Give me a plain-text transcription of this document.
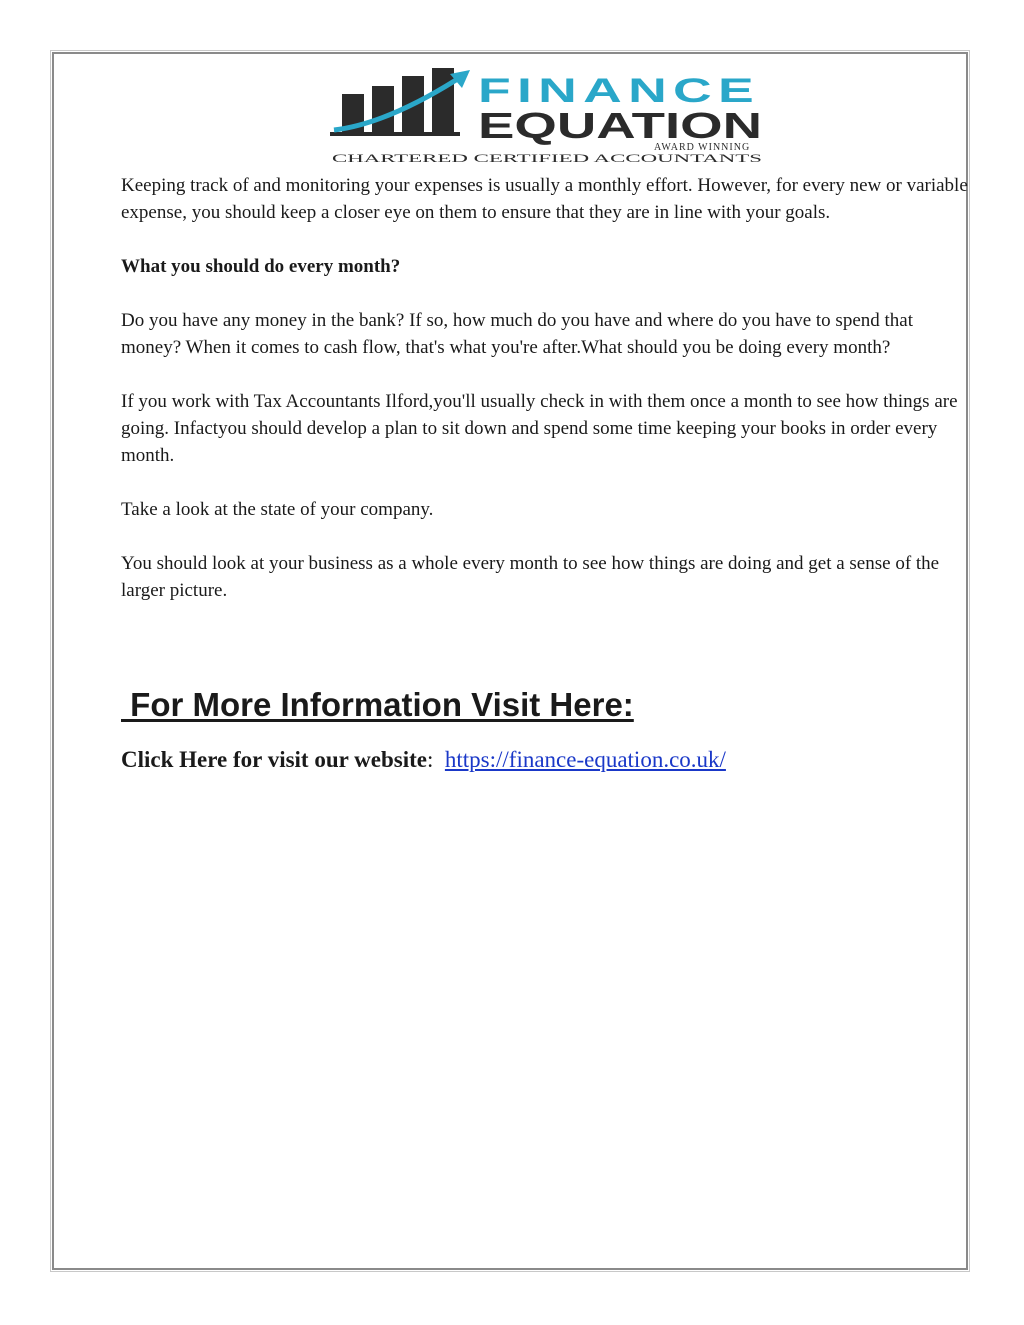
FINANCE
EQUATION
AWARD WINNING
CHARTERED CERTIFIED ACCOUNTANTS

Keeping track of and monitoring your expenses is usually a monthly effort. However, for every new or variable expense, you should keep a closer eye on them to ensure that they are in line with your goals.

What you should do every month?

Do you have any money in the bank? If so, how much do you have and where do you have to spend that money? When it comes to cash flow, that's what you're after.What should you be doing every month?

If you work with Tax Accountants Ilford,you'll usually check in with them once a month to see how things are going. Infactyou should develop a plan to sit down and spend some time keeping your books in order every month.

Take a look at the state of your company.

You should look at your business as a whole every month to see how things are doing and get a sense of the larger picture.

For More Information Visit Here:
Click Here for visit our website:  https://finance-equation.co.uk/
